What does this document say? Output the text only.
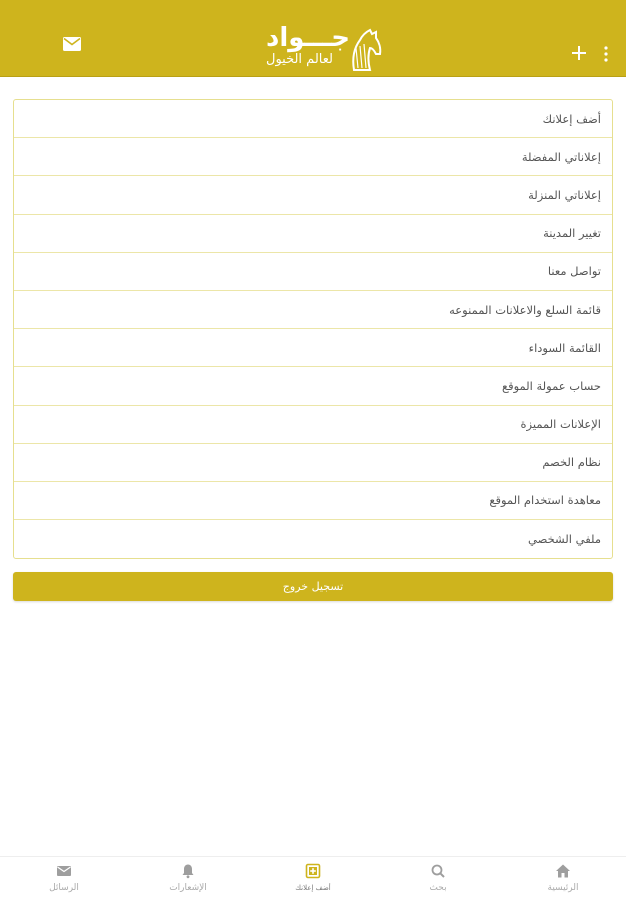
جـــواد
لعالم الخيول
أضف إعلانك
إعلاناتي المفضلة
إعلاناتي المنزلة
تغيير المدينة
تواصل معنا
قائمة السلع والاعلانات الممنوعه
القائمة السوداء
حساب عمولة الموقع
الإعلانات المميزة
نظام الخصم
معاهدة استخدام الموقع
ملفي الشخصي
تسجيل خروج
الرسائل	الإشعارات	أضف إعلانك	بحث	الرئيسية
